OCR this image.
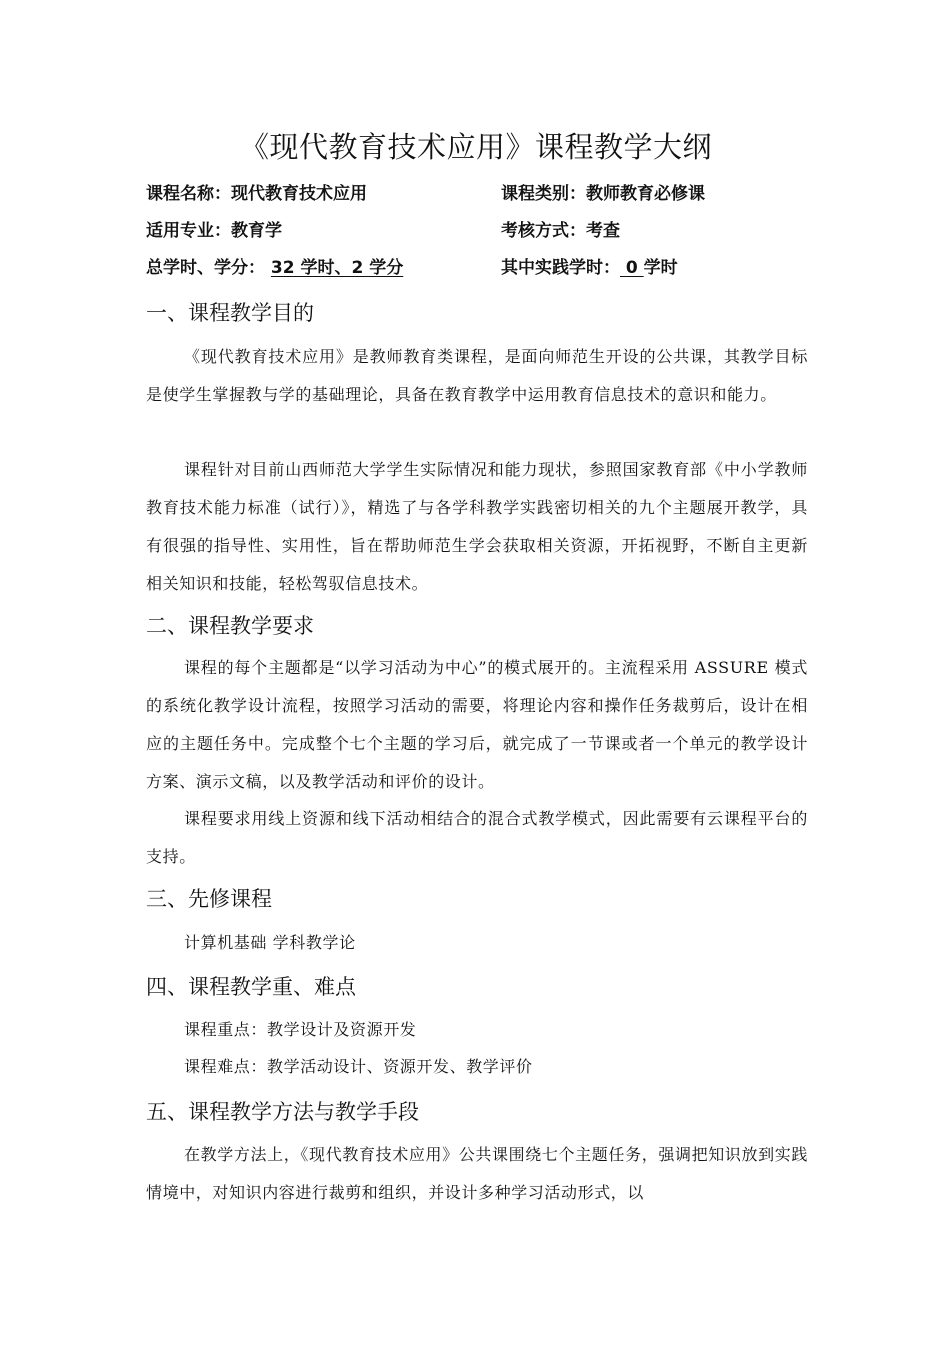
《现代教育技术应用》课程教学大纲
课程名称：现代教育技术应用	课程类别：教师教育必修课
适用专业：教育学	考核方式：考查
总学时、学分： 32 学时、2 学分	其中实践学时： 0 学时
一、课程教学目的
《现代教育技术应用》是教师教育类课程，是面向师范生开设的公共课，其教学目标是使学生掌握教与学的基础理论，具备在教育教学中运用教育信息技术的意识和能力。
课程针对目前山西师范大学学生实际情况和能力现状，参照国家教育部《中小学教师教育技术能力标准（试行）》，精选了与各学科教学实践密切相关的九个主题展开教学，具有很强的指导性、实用性，旨在帮助师范生学会获取相关资源，开拓视野，不断自主更新相关知识和技能，轻松驾驭信息技术。
二、课程教学要求
课程的每个主题都是“以学习活动为中心”的模式展开的。主流程采用 ASSURE 模式的系统化教学设计流程，按照学习活动的需要，将理论内容和操作任务裁剪后，设计在相应的主题任务中。完成整个七个主题的学习后，就完成了一节课或者一个单元的教学设计方案、演示文稿，以及教学活动和评价的设计。
课程要求用线上资源和线下活动相结合的混合式教学模式，因此需要有云课程平台的支持。
三、先修课程
计算机基础 学科教学论
四、课程教学重、难点
课程重点：教学设计及资源开发
课程难点：教学活动设计、资源开发、教学评价
五、课程教学方法与教学手段
在教学方法上，《现代教育技术应用》公共课围绕七个主题任务，强调把知识放到实践情境中，对知识内容进行裁剪和组织，并设计多种学习活动形式，以
